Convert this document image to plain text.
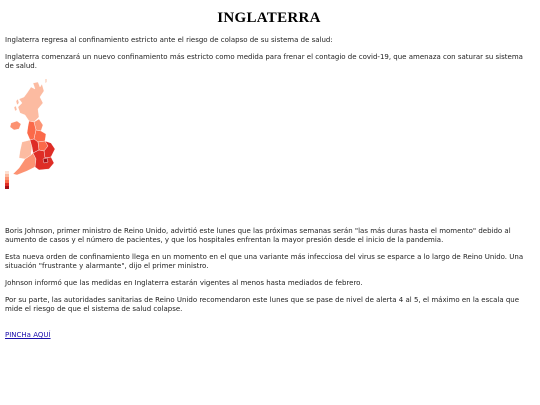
INGLATERRA

Inglaterra regresa al confinamiento estricto ante el riesgo de colapso de su sistema de salud:

Inglaterra comenzará un nuevo confinamiento más estricto como medida para frenar el contagio de covid-19, que amenaza con saturar su sistema de salud.

Boris Johnson, primer ministro de Reino Unido, advirtió este lunes que las próximas semanas serán "las más duras hasta el momento" debido al aumento de casos y el número de pacientes, y que los hospitales enfrentan la mayor presión desde el inicio de la pandemia.

Esta nueva orden de confinamiento llega en un momento en el que una variante más infecciosa del virus se esparce a lo largo de Reino Unido. Una situación "frustrante y alarmante", dijo el primer ministro.

Johnson informó que las medidas en Inglaterra estarán vigentes al menos hasta mediados de febrero.

Por su parte, las autoridades sanitarias de Reino Unido recomendaron este lunes que se pase de nivel de alerta 4 al 5, el máximo en la escala que mide el riesgo de que el sistema de salud colapse.

PINCHa AQUÍ
